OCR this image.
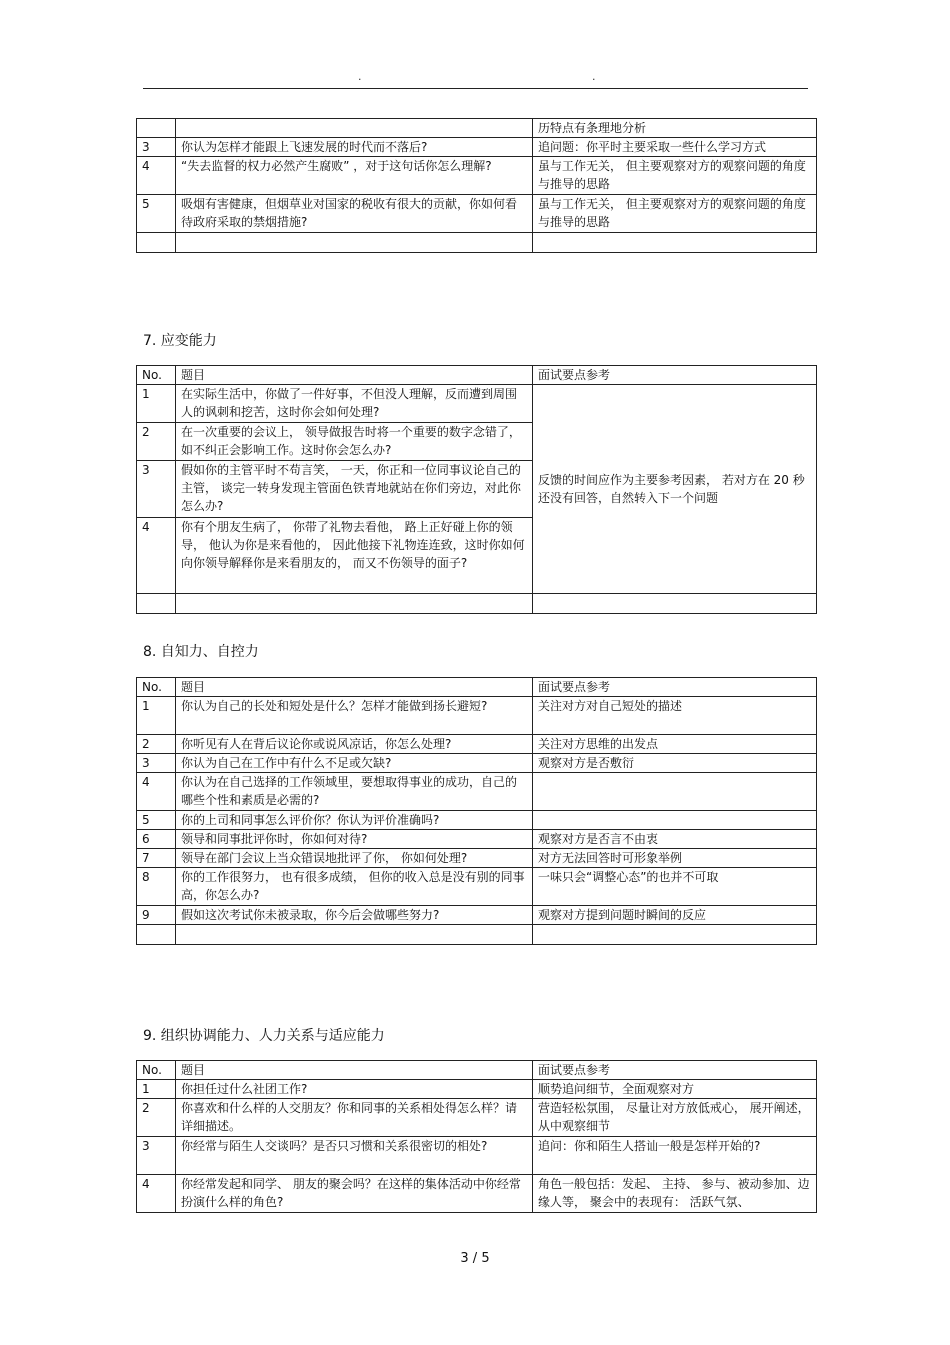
.	.
		历特点有条理地分析
3	你认为怎样才能跟上飞速发展的时代而不落后?	追问题：你平时主要采取一些什么学习方式
4	“失去监督的权力必然产生腐败” ，对于这句话你怎么理解?	虽与工作无关， 但主要观察对方的观察问题的角度与推导的思路
5	吸烟有害健康，但烟草业对国家的税收有很大的贡献，你如何看待政府采取的禁烟措施?	虽与工作无关， 但主要观察对方的观察问题的角度与推导的思路

7. 应变能力
No.	题目	面试要点参考
1	在实际生活中，你做了一件好事，不但没人理解，反而遭到周围人的讽刺和挖苦，这时你会如何处理?	反馈的时间应作为主要参考因素， 若对方在 20 秒还没有回答，自然转入下一个问题
2	在一次重要的会议上， 领导做报告时将一个重要的数字念错了，如不纠正会影响工作。这时你会怎么办?	
3	假如你的主管平时不苟言笑， 一天，你正和一位同事议论自己的主管， 谈完一转身发现主管面色铁青地就站在你们旁边，对此你怎么办?	
4	你有个朋友生病了， 你带了礼物去看他， 路上正好碰上你的领导， 他认为你是来看他的， 因此他接下礼物连连致，这时你如何向你领导解释你是来看朋友的， 而又不伤领导的面子?	

8. 自知力、自控力
No.	题目	面试要点参考
1	你认为自己的长处和短处是什么？怎样才能做到扬长避短?	关注对方对自己短处的描述
2	你听见有人在背后议论你或说风凉话，你怎么处理?	关注对方思维的出发点
3	你认为自己在工作中有什么不足或欠缺?	观察对方是否敷衍
4	你认为在自己选择的工作领域里，要想取得事业的成功，自己的哪些个性和素质是必需的?	
5	你的上司和同事怎么评价你？你认为评价准确吗?	
6	领导和同事批评你时，你如何对待?	观察对方是否言不由衷
7	领导在部门会议上当众错误地批评了你， 你如何处理?	对方无法回答时可形象举例
8	你的工作很努力， 也有很多成绩， 但你的收入总是没有别的同事高，你怎么办?	一味只会“调整心态”的也并不可取
9	假如这次考试你未被录取，你今后会做哪些努力?	观察对方提到问题时瞬间的反应

9. 组织协调能力、人力关系与适应能力
No.	题目	面试要点参考
1	你担任过什么社团工作?	顺势追问细节，全面观察对方
2	你喜欢和什么样的人交朋友？你和同事的关系相处得怎么样？请详细描述。	营造轻松氛围， 尽量让对方放低戒心， 展开阐述，从中观察细节
3	你经常与陌生人交谈吗？是否只习惯和关系很密切的相处?	追问：你和陌生人搭讪一般是怎样开始的?
4	你经常发起和同学、 朋友的聚会吗？在这样的集体活动中你经常扮演什么样的角色?	角色一般包括：发起、 主持、 参与、被动参加、边缘人等， 聚会中的表现有： 活跃气氛、
3 / 5
